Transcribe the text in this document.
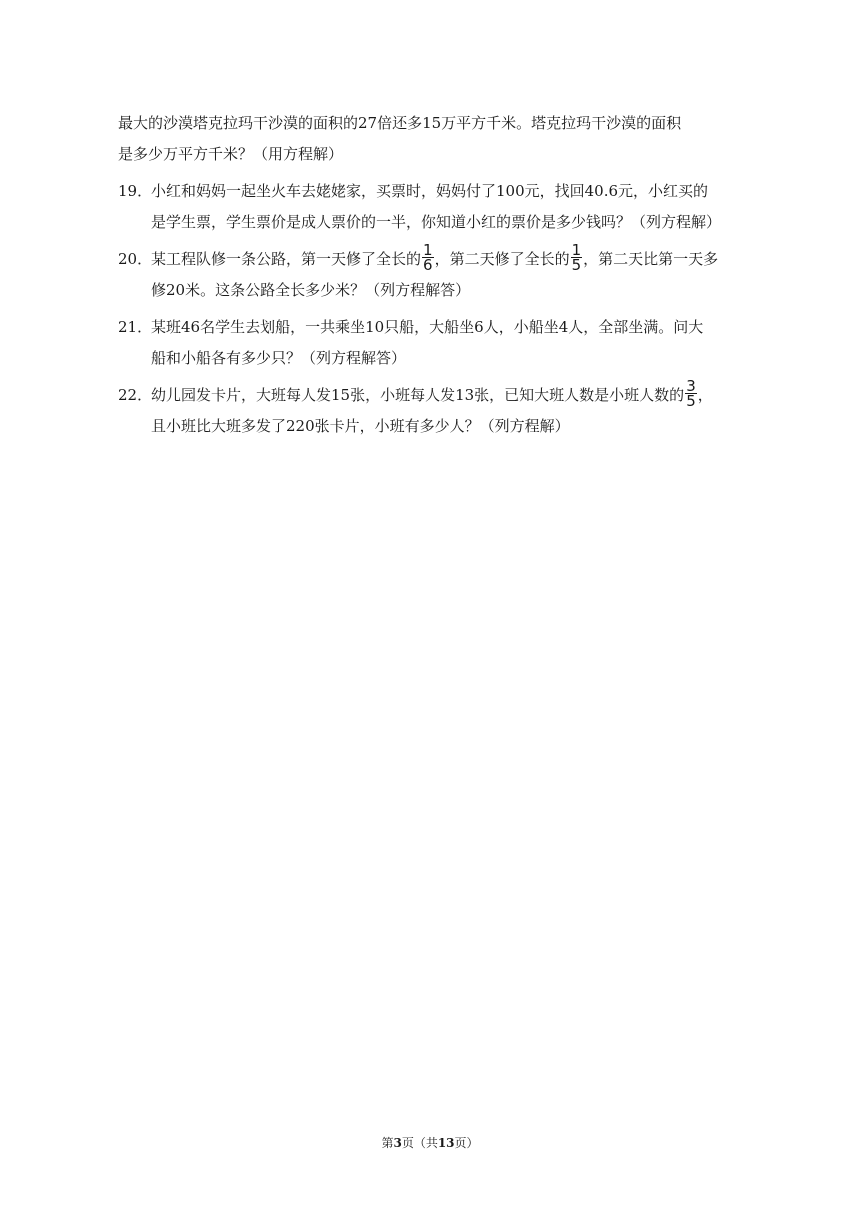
最大的沙漠塔克拉玛干沙漠的面积的27倍还多15万平方千米。塔克拉玛干沙漠的面积
是多少万平方千米？（用方程解）
19．小红和妈妈一起坐火车去姥姥家，买票时，妈妈付了100元，找回40.6元，小红买的
是学生票，学生票价是成人票价的一半，你知道小红的票价是多少钱吗？（列方程解）
20．某工程队修一条公路，第一天修了全长的 $\frac{1}{6}$ ，第二天修了全长的 $\frac{1}{5}$ ，第二天比第一天多
修20米。这条公路全长多少米？（列方程解答）
21．某班46名学生去划船，一共乘坐10只船，大船坐6人，小船坐4人，全部坐满。问大
船和小船各有多少只？（列方程解答）
22．幼儿园发卡片，大班每人发15张，小班每人发13张，已知大班人数是小班人数的 $\frac{3}{5}$ ，
且小班比大班多发了220张卡片，小班有多少人？（列方程解）
第3页（共13页）
